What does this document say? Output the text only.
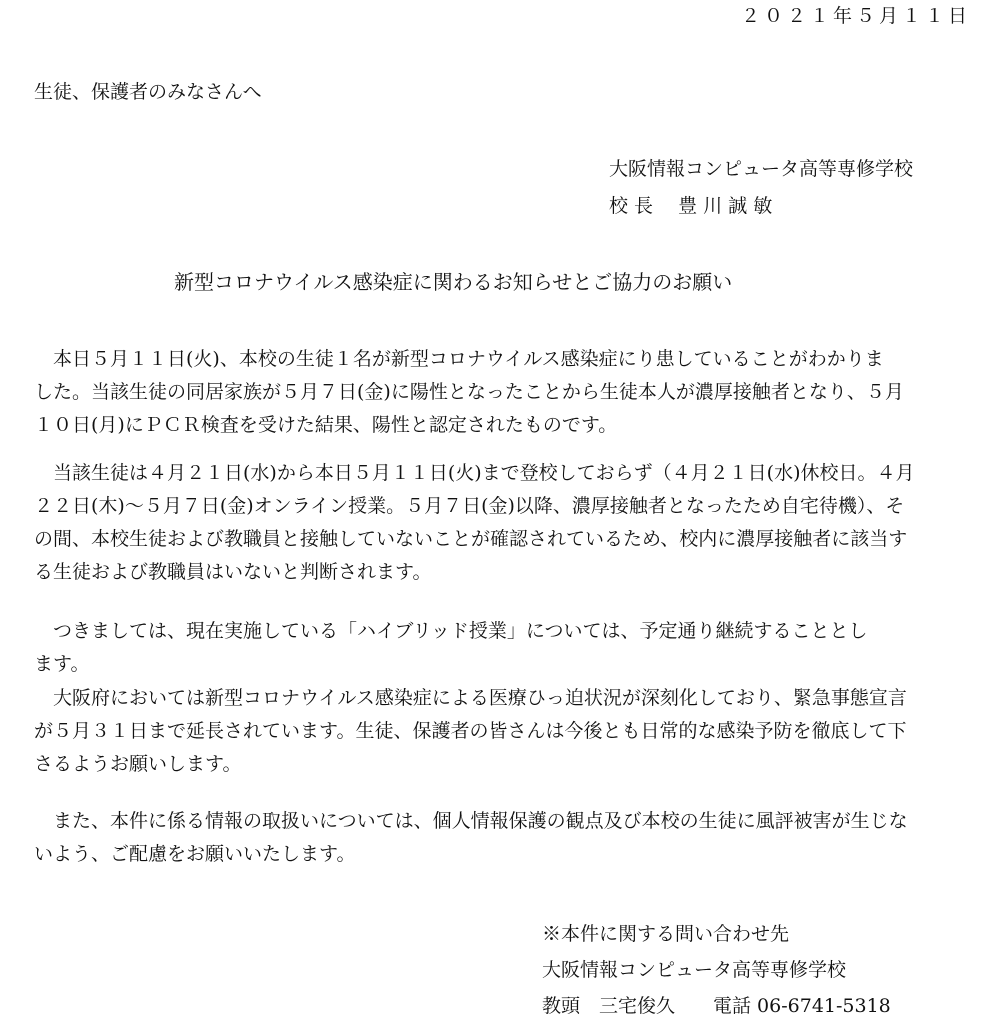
２０２１年５月１１日
生徒、保護者のみなさんへ
大阪情報コンピュータ高等専修学校
校 長　 豊 川 誠 敏
新型コロナウイルス感染症に関わるお知らせとご協力のお願い
　本日５月１１日(火)、本校の生徒１名が新型コロナウイルス感染症にり患していることがわかりま
した。当該生徒の同居家族が５月７日(金)に陽性となったことから生徒本人が濃厚接触者となり、５月
１０日(月)にＰＣＲ検査を受けた結果、陽性と認定されたものです。
　当該生徒は４月２１日(水)から本日５月１１日(火)まで登校しておらず（４月２１日(水)休校日。４月
２２日(木)～５月７日(金)オンライン授業。５月７日(金)以降、濃厚接触者となったため自宅待機）、そ
の間、本校生徒および教職員と接触していないことが確認されているため、校内に濃厚接触者に該当す
る生徒および教職員はいないと判断されます。
　つきましては、現在実施している「ハイブリッド授業」については、予定通り継続することとし
ます。
　大阪府においては新型コロナウイルス感染症による医療ひっ迫状況が深刻化しており、緊急事態宣言
が５月３１日まで延長されています。生徒、保護者の皆さんは今後とも日常的な感染予防を徹底して下
さるようお願いします。
　また、本件に係る情報の取扱いについては、個人情報保護の観点及び本校の生徒に風評被害が生じな
いよう、ご配慮をお願いいたします。
※本件に関する問い合わせ先
大阪情報コンピュータ高等専修学校
教頭　三宅俊久　　電話 06-6741-5318
